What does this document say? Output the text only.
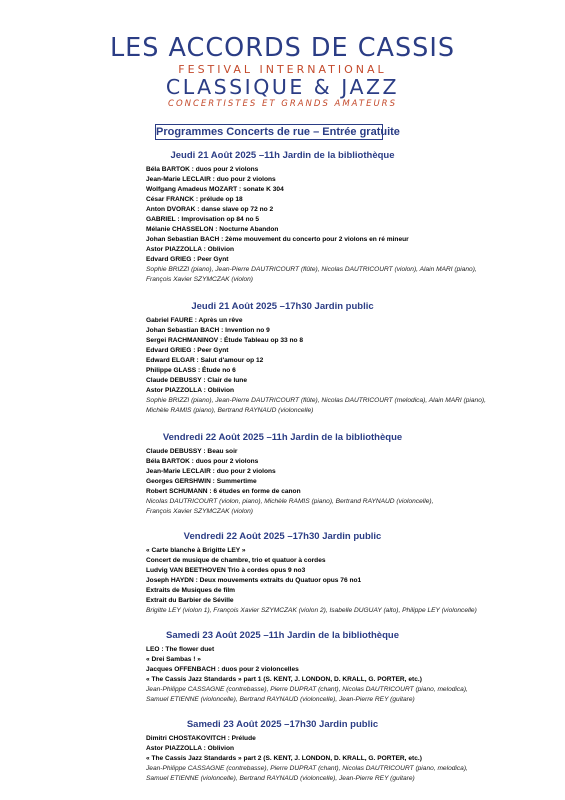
LES ACCORDS DE CASSIS
FESTIVAL INTERNATIONAL
CLASSIQUE & JAZZ
CONCERTISTES ET GRANDS AMATEURS
Programmes Concerts de rue – Entrée gratuite
Jeudi 21 Août 2025 –11h Jardin de la bibliothèque
Béla BARTOK : duos pour 2 violons
Jean-Marie LECLAIR : duo pour 2 violons
Wolfgang Amadeus MOZART : sonate K 304
César FRANCK : prélude op 18
Anton DVORAK : danse slave op 72 no 2
GABRIEL : Improvisation op 84 no 5
Mélanie CHASSELON : Nocturne Abandon
Johan Sebastian BACH : 2ème mouvement du concerto pour 2 violons en ré mineur
Astor PIAZZOLLA : Oblivion
Edvard GRIEG : Peer Gynt
Sophie BRIZZI (piano), Jean-Pierre DAUTRICOURT (flûte), Nicolas DAUTRICOURT (violon), Alain MARI (piano),
François Xavier SZYMCZAK (violon)
Jeudi 21 Août 2025 –17h30 Jardin public
Gabriel FAURE : Après un rêve
Johan Sebastian BACH : Invention no 9
Sergei RACHMANINOV : Étude Tableau op 33 no 8
Edvard GRIEG : Peer Gynt
Edward ELGAR : Salut d'amour op 12
Philippe GLASS : Étude no 6
Claude DEBUSSY : Clair de lune
Astor PIAZZOLLA : Oblivion
Sophie BRIZZI (piano), Jean-Pierre DAUTRICOURT (flûte), Nicolas DAUTRICOURT (melodica), Alain MARI (piano),
Michèle RAMIS (piano), Bertrand RAYNAUD (violoncelle)
Vendredi 22 Août 2025 –11h Jardin de la bibliothèque
Claude DEBUSSY : Beau soir
Béla BARTOK : duos pour 2 violons
Jean-Marie LECLAIR : duo pour 2 violons
Georges GERSHWIN : Summertime
Robert SCHUMANN : 6 études en forme de canon
Nicolas DAUTRICOURT (violon, piano), Michèle RAMIS (piano), Bertrand RAYNAUD (violoncelle),
François Xavier SZYMCZAK (violon)
Vendredi 22 Août 2025 –17h30 Jardin public
« Carte blanche à Brigitte LEY »
Concert de musique de chambre, trio et quatuor à cordes
Ludvig VAN BEETHOVEN Trio à cordes opus 9 no3
Joseph HAYDN : Deux mouvements extraits du Quatuor opus 76 no1
Extraits de Musiques de film
Extrait du Barbier de Séville
Brigitte LEY (violon 1), François Xavier SZYMCZAK (violon 2), Isabelle DUGUAY (alto), Philippe LEY (violoncelle)
Samedi 23 Août 2025 –11h Jardin de la bibliothèque
LEO : The flower duet
« Drei Sambas ! »
Jacques OFFENBACH : duos pour 2 violoncelles
« The Cassis Jazz Standards » part 1 (S. KENT, J. LONDON, D. KRALL, G. PORTER, etc.)
Jean-Philippe CASSAGNE (contrebasse), Pierre DUPRAT (chant), Nicolas DAUTRICOURT (piano, melodica),
Samuel ETIENNE (violoncelle), Bertrand RAYNAUD (violoncelle), Jean-Pierre REY (guitare)
Samedi 23 Août 2025 –17h30 Jardin public
Dimitri CHOSTAKOVITCH : Prélude
Astor PIAZZOLLA : Oblivion
« The Cassis Jazz Standards » part 2 (S. KENT, J. LONDON, D. KRALL, G. PORTER, etc.)
Jean-Philippe CASSAGNE (contrebasse), Pierre DUPRAT (chant), Nicolas DAUTRICOURT (piano, melodica),
Samuel ETIENNE (violoncelle), Bertrand RAYNAUD (violoncelle), Jean-Pierre REY (guitare)
